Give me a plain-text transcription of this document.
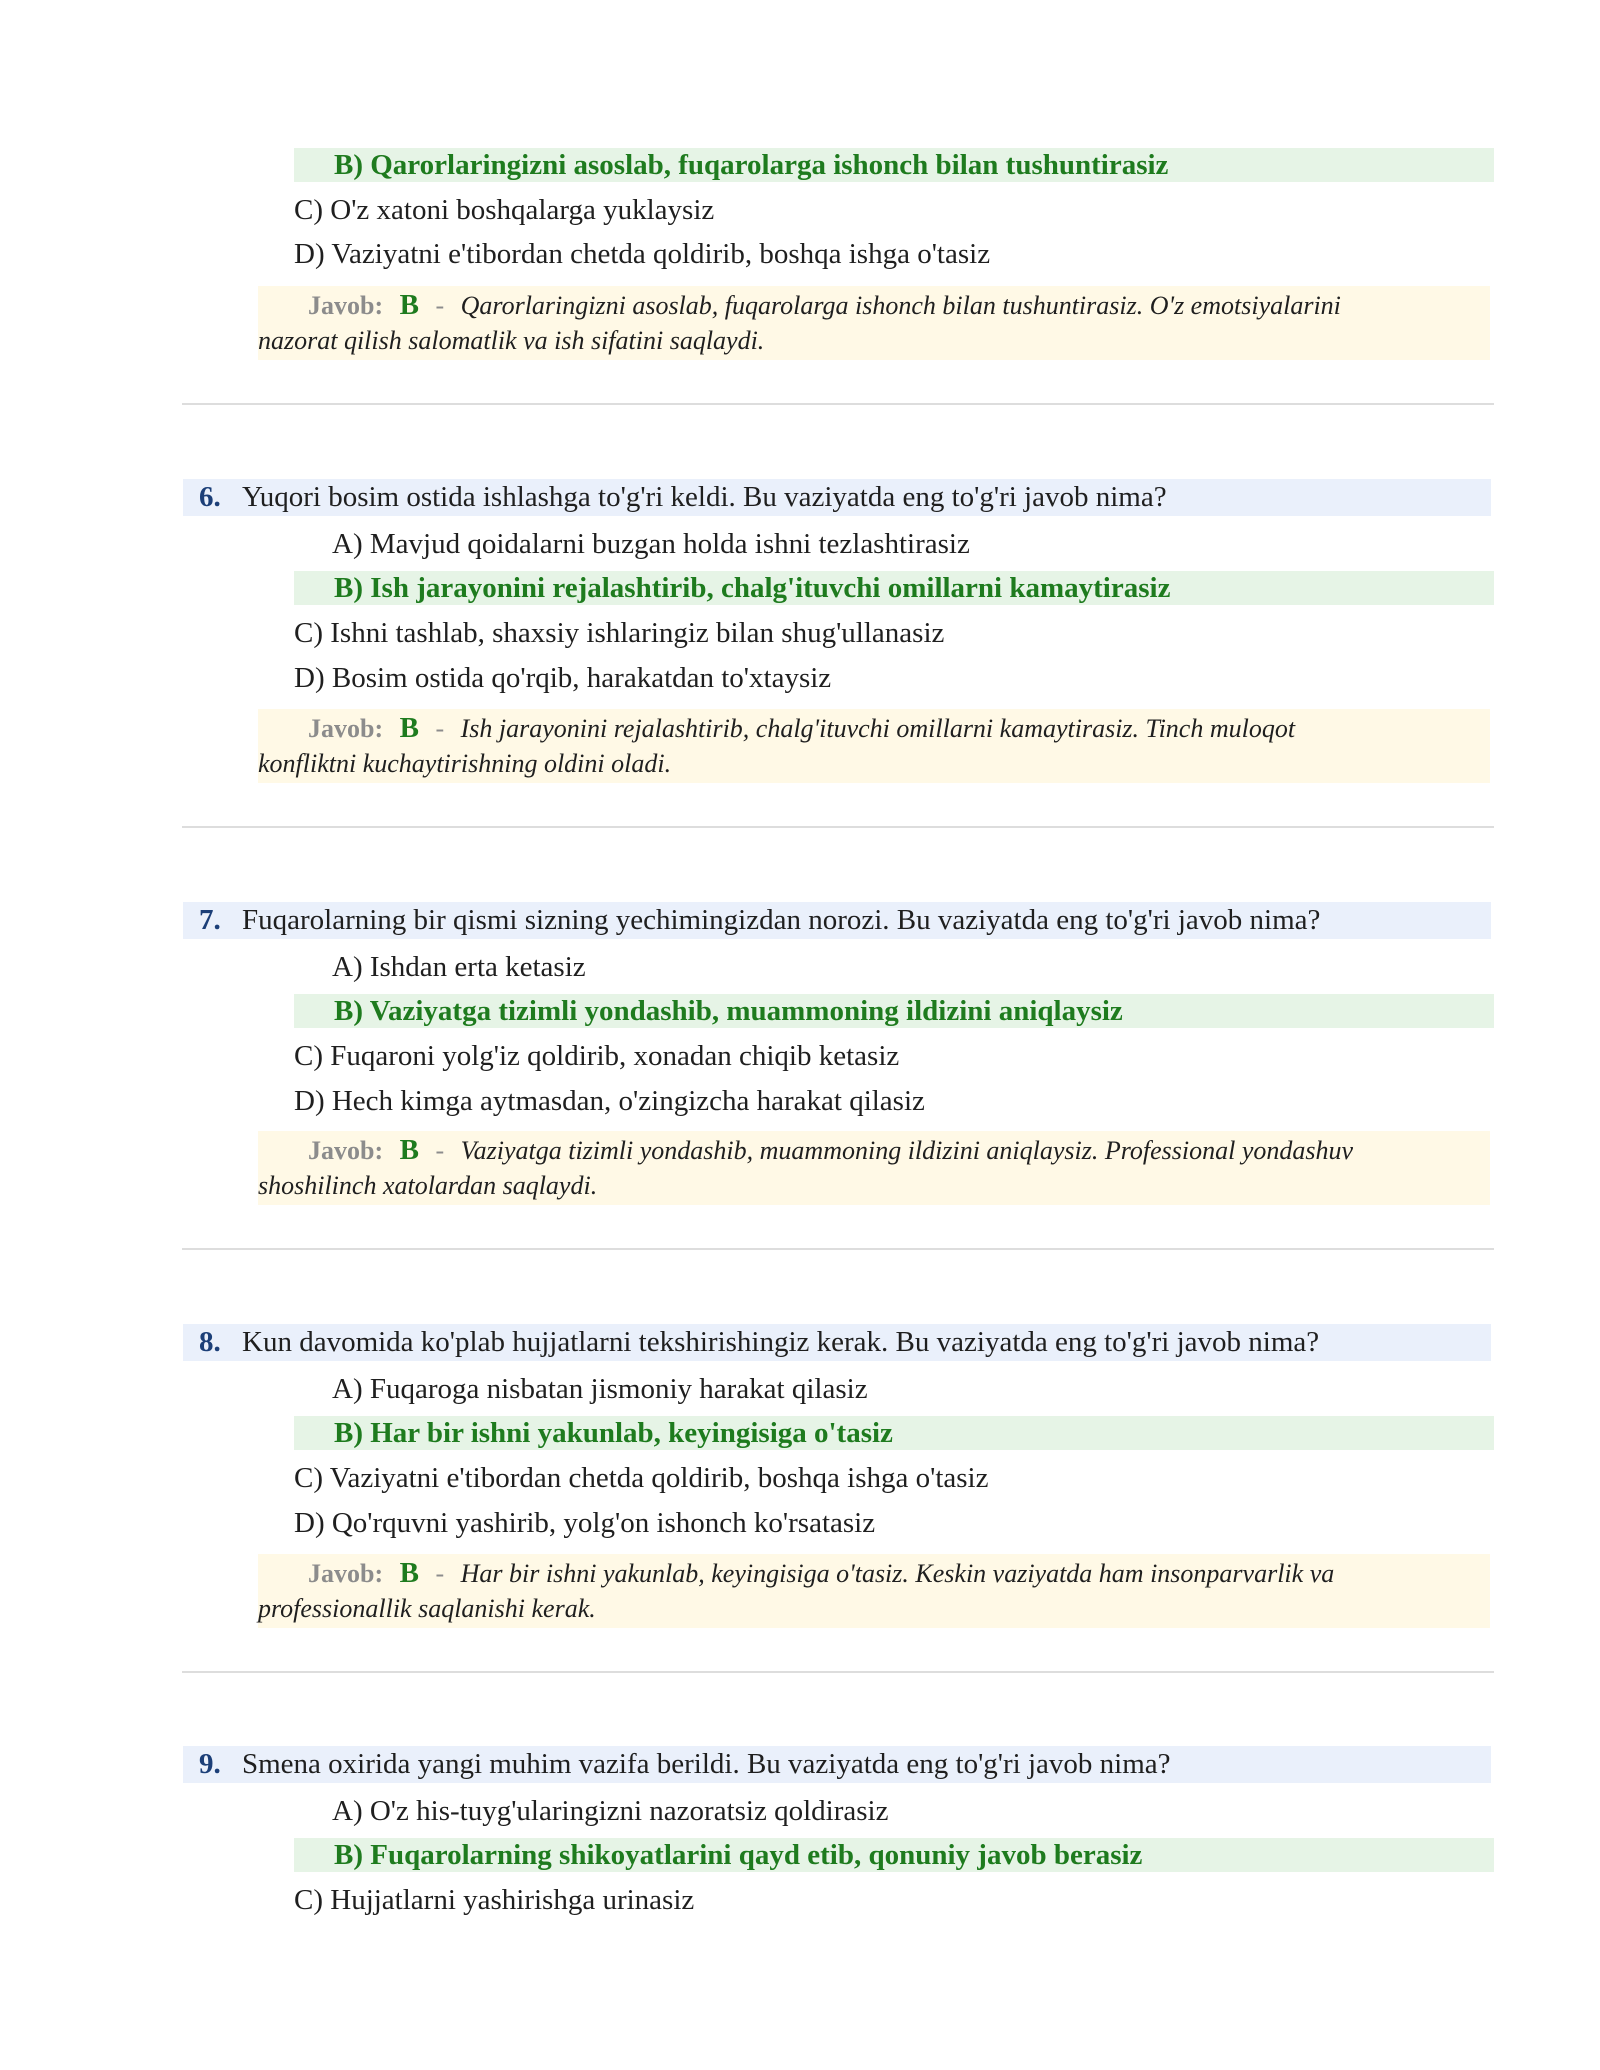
B) Qarorlaringizni asoslab, fuqarolarga ishonch bilan tushuntirasiz
C) O'z xatoni boshqalarga yuklaysiz
D) Vaziyatni e'tibordan chetda qoldirib, boshqa ishga o'tasiz
Javob: B - Qarorlaringizni asoslab, fuqarolarga ishonch bilan tushuntirasiz. O'z emotsiyalarini
nazorat qilish salomatlik va ish sifatini saqlaydi.
6. Yuqori bosim ostida ishlashga to'g'ri keldi. Bu vaziyatda eng to'g'ri javob nima?
A) Mavjud qoidalarni buzgan holda ishni tezlashtirasiz
B) Ish jarayonini rejalashtirib, chalg'ituvchi omillarni kamaytirasiz
C) Ishni tashlab, shaxsiy ishlaringiz bilan shug'ullanasiz
D) Bosim ostida qo'rqib, harakatdan to'xtaysiz
Javob: B - Ish jarayonini rejalashtirib, chalg'ituvchi omillarni kamaytirasiz. Tinch muloqot
konfliktni kuchaytirishning oldini oladi.
7. Fuqarolarning bir qismi sizning yechimingizdan norozi. Bu vaziyatda eng to'g'ri javob nima?
A) Ishdan erta ketasiz
B) Vaziyatga tizimli yondashib, muammoning ildizini aniqlaysiz
C) Fuqaroni yolg'iz qoldirib, xonadan chiqib ketasiz
D) Hech kimga aytmasdan, o'zingizcha harakat qilasiz
Javob: B - Vaziyatga tizimli yondashib, muammoning ildizini aniqlaysiz. Professional yondashuv
shoshilinch xatolardan saqlaydi.
8. Kun davomida ko'plab hujjatlarni tekshirishingiz kerak. Bu vaziyatda eng to'g'ri javob nima?
A) Fuqaroga nisbatan jismoniy harakat qilasiz
B) Har bir ishni yakunlab, keyingisiga o'tasiz
C) Vaziyatni e'tibordan chetda qoldirib, boshqa ishga o'tasiz
D) Qo'rquvni yashirib, yolg'on ishonch ko'rsatasiz
Javob: B - Har bir ishni yakunlab, keyingisiga o'tasiz. Keskin vaziyatda ham insonparvarlik va
professionallik saqlanishi kerak.
9. Smena oxirida yangi muhim vazifa berildi. Bu vaziyatda eng to'g'ri javob nima?
A) O'z his-tuyg'ularingizni nazoratsiz qoldirasiz
B) Fuqarolarning shikoyatlarini qayd etib, qonuniy javob berasiz
C) Hujjatlarni yashirishga urinasiz
